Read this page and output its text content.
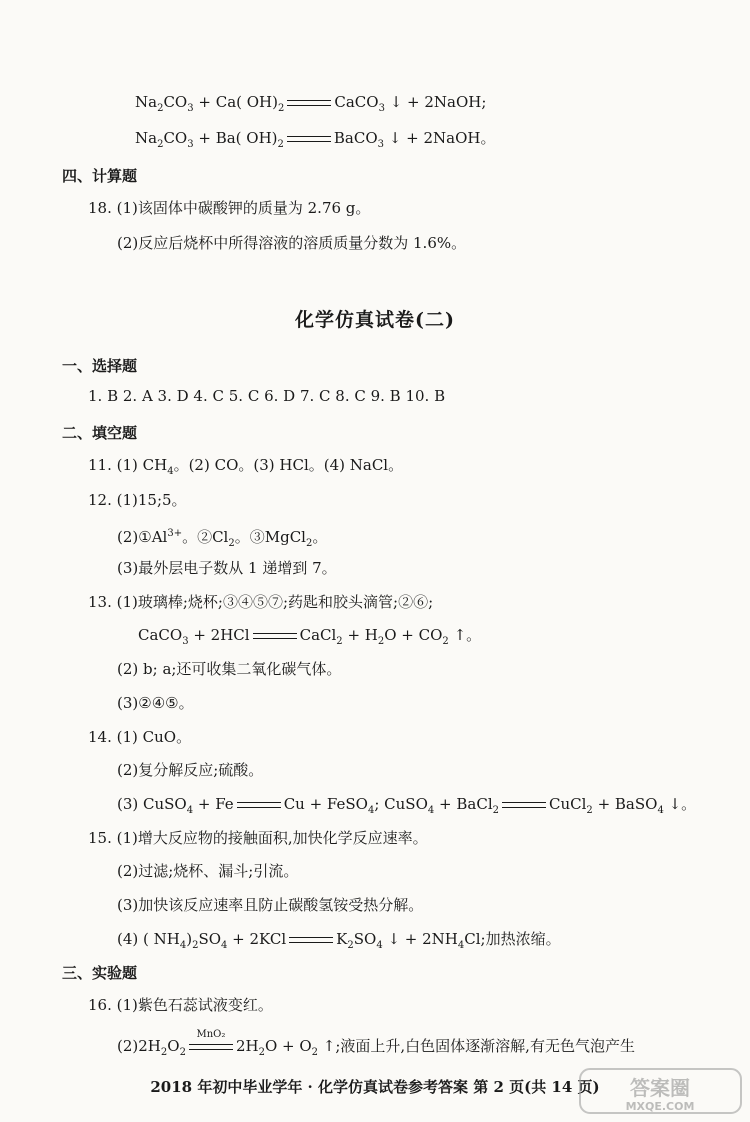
$Na_2CO_3 + Ca$( $OH)_2$	CaCO$_3$ ↓ + 2NaOH;
$Na_2CO_3 + Ba$( $OH)_2$	BaCO$_3$ ↓ + 2NaOH。
四、计算题
18. (1)该固体中碳酸钾的质量为 2.76 g。
(2)反应后烧杯中所得溶液的溶质质量分数为 1.6%。
化学仿真试卷(二)
一、选择题
1. B 2. A 3. D 4. C 5. C 6. D 7. C 8. C 9. B 10. B
二、填空题
11. (1) $CH_4$。(2) CO。(3) HCl。(4) NaCl。
12. (1)15;5。
$(2)①Al^{3+}$。$②Cl_2$。③MgCl$_2$。
(3)最外层电子数从 1 递增到 7。
13. (1)玻璃棒;烧杯;③④⑤⑦;药匙和胶头滴管;②⑥;
CaCO$_3$ + 2HCl	CaCl$_2$ + $H_2O + CO_2$ ↑。
(2) b; a;还可收集二氧化碳气体。
(3)②④⑤。
14. (1) CuO。
(2)复分解反应;硫酸。
(3) CuSO$_4$ + Fe	Cu + FeSO$_4$; CuSO$_4$ + BaCl$_2$	CuCl$_2$ + BaSO$_4$ ↓。
15. (1)增大反应物的接触面积,加快化学反应速率。
(2)过滤;烧杯、漏斗;引流。
(3)加快该反应速率且防止碳酸氢铵受热分解。
(4) ( $NH_4)_2SO_4 + 2KCl$	$K_2SO_4$ ↓ + $2NH_4Cl$;加热浓缩。
三、实验题
16. (1)紫色石蕊试液变红。
$(2)2H_2O_2$
MnO₂
$2H_2O + O_2$ ↑;液面上升,白色固体逐渐溶解,有无色气泡产生
2018 年初中毕业学年 · 化学仿真试卷参考答案 第 2 页(共 14 页)	答案圈
MXQE.COM
